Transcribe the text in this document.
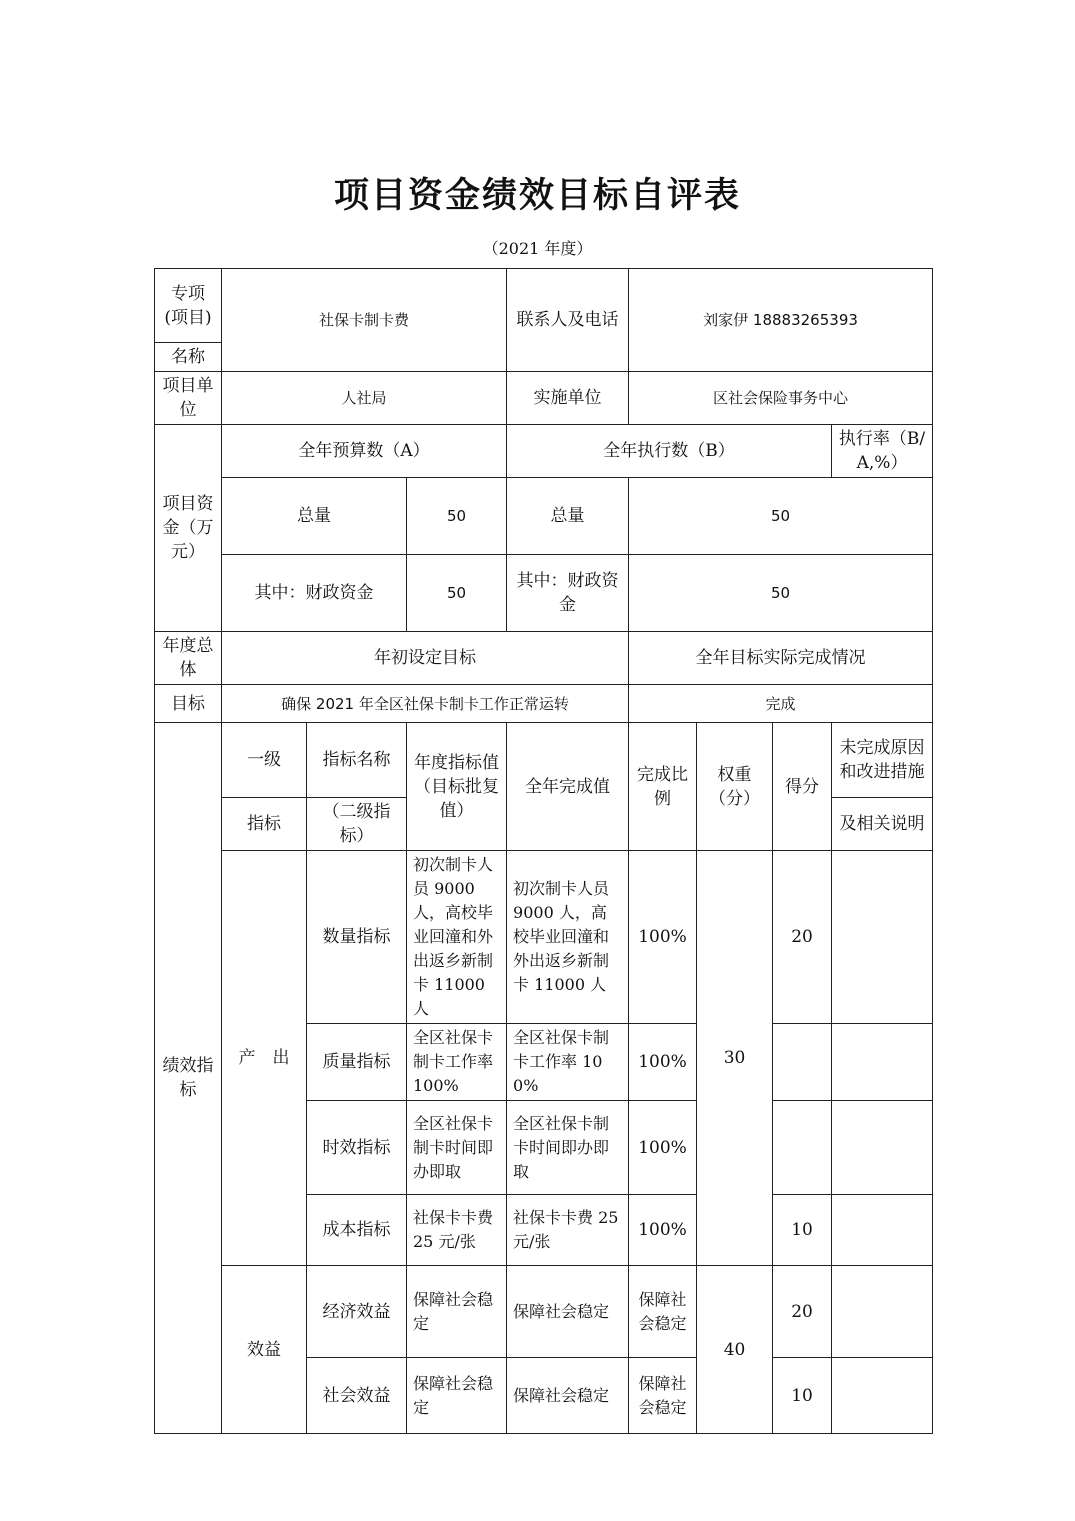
项目资金绩效目标自评表
（2021 年度）
专项(项目)	社保卡制卡费			联系人及电话	刘家伊 18883265393				
名称									
项目单位	人社局			实施单位	区社会保险事务中心				
项目资金（万元）	全年预算数（A）			全年执行数（B）				执行率（B/A,%）	
	总量		50	总量	50	
	其中：财政资金		50	其中：财政资金	50	
年度总体	年初设定目标				全年目标实际完成情况				
目标	确保 2021 年全区社保卡制卡工作正常运转				完成				
绩效指标	一级	指标名称	年度指标值（目标批复值）	全年完成值	完成比例	权重（分）	得分	未完成原因和改进措施	
	指标	（二级指标）						及相关说明	
	产　出	数量指标	初次制卡人员 9000 人，高校毕业回潼和外出返乡新制卡 11000 人	初次制卡人员 9000 人，高校毕业回潼和外出返乡新制卡 11000 人	100%	30	20		
		质量指标	全区社保卡制卡工作率 100%	全区社保卡制卡工作率 100%	100%				
		时效指标	全区社保卡制卡时间即办即取	全区社保卡制卡时间即办即取	100%				
		成本指标	社保卡卡费 25 元/张	社保卡卡费 25 元/张	100%		10		
	效益	经济效益	保障社会稳定	保障社会稳定	保障社会稳定	40	20		
		社会效益	保障社会稳定	保障社会稳定	保障社会稳定		10		
